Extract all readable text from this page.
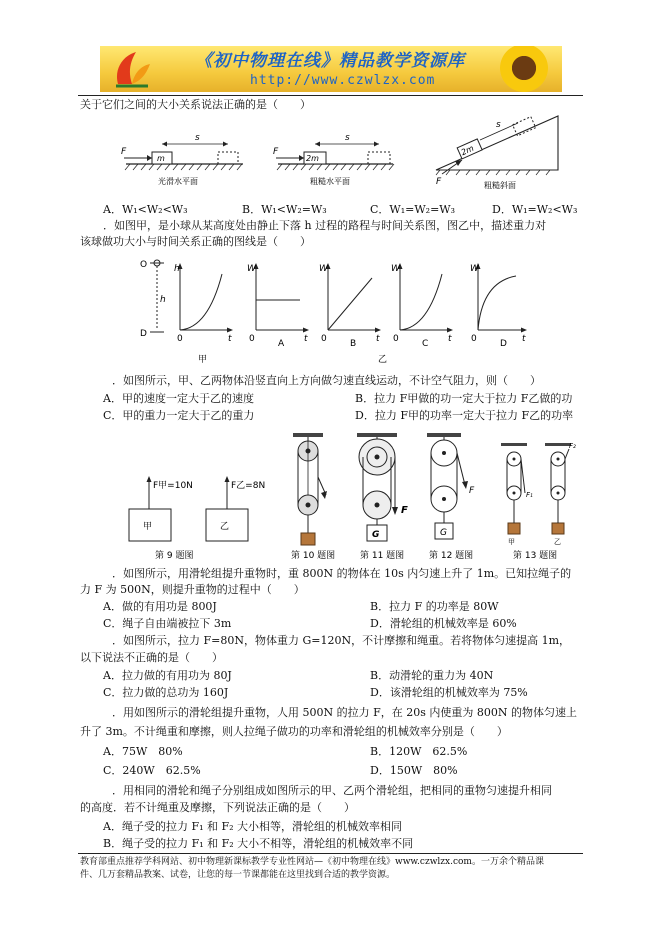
《初中物理在线》精品教学资源库
http://www.czwlzx.com
关于它们之间的大小关系说法正确的是（　　）
m
F
s
光滑水平面
2m
F
s
粗糙水平面
2m
F
s
粗糙斜面
A．W₁<W₂<W₃	B．W₁<W₂=W₃	C．W₁=W₂=W₃	D．W₁=W₂<W₃
．如图甲，是小球从某高度处由静止下落 h 过程的路程与时间关系图，图乙中，描述重力对
该球做功大小与时间关系正确的图线是（　　）
O
D
h
h
t
0
甲
W
t
0	A
W
t
0	B
乙
W
t
0	C
W
t
0	D
．如图所示，甲、乙两物体沿竖直向上方向做匀速直线运动，不计空气阻力，则（　　）
A．甲的速度一定大于乙的速度	B．拉力 F甲做的功一定大于拉力 F乙做的功
C．甲的重力一定大于乙的重力	D．拉力 F甲的功率一定大于拉力 F乙的功率
F甲=10N
甲
F乙=8N
乙
第 9 题图	第 10 题图
F
G
第 11 题图
F
G
第 12 题图
F₁
甲
F₂
乙
第 13 题图
．如图所示，用滑轮组提升重物时，重 800N 的物体在 10s 内匀速上升了 1m。已知拉绳子的
力 F 为 500N，则提升重物的过程中（　　）
A．做的有用功是 800J	B．拉力 F 的功率是 80W
C．绳子自由端被拉下 3m	D．滑轮组的机械效率是 60%
．如图所示，拉力 F=80N，物体重力 G=120N，不计摩擦和绳重。若将物体匀速提高 1m，
以下说法不正确的是（　　）
A．拉力做的有用功为 80J	B．动滑轮的重力为 40N
C．拉力做的总功为 160J	D．该滑轮组的机械效率为 75%
．用如图所示的滑轮组提升重物，人用 500N 的拉力 F，在 20s 内使重为 800N 的物体匀速上
升了 3m。不计绳重和摩擦，则人拉绳子做功的功率和滑轮组的机械效率分别是（　　）
A．75W　80%	B．120W　62.5%
C．240W　62.5%	D．150W　80%
．用相同的滑轮和绳子分别组成如图所示的甲、乙两个滑轮组，把相同的重物匀速提升相同
的高度．若不计绳重及摩擦，下列说法正确的是（　　）
A．绳子受的拉力 F₁ 和 F₂ 大小相等，滑轮组的机械效率相同
B．绳子受的拉力 F₁ 和 F₂ 大小不相等，滑轮组的机械效率不同
教育部重点推荐学科网站、初中物理新课标教学专业性网站—《初中物理在线》www.czwlzx.com。一万余个精品课
件、几万套精品教案、试卷，让您的每一节课都能在这里找到合适的教学资源。
